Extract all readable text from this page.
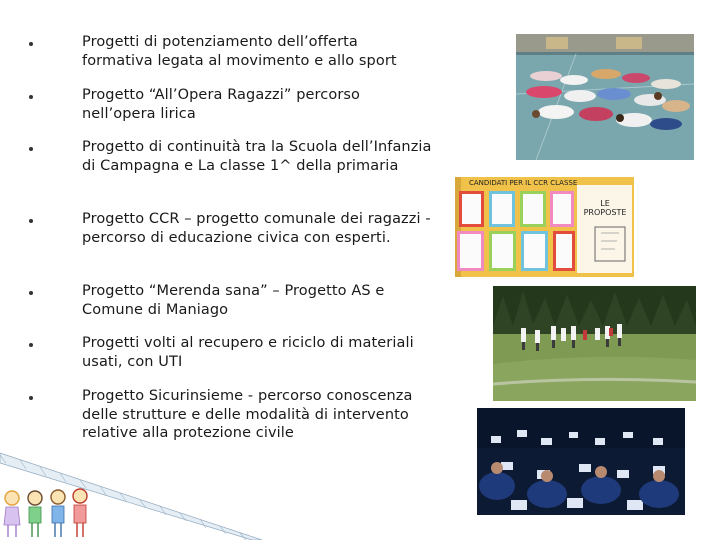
Progetti di potenziamento dell’offerta formativa legata al movimento e allo sport
Progetto “All’Opera Ragazzi” percorso nell’opera lirica
Progetto di continuità tra la Scuola dell’Infanzia di Campagna e La classe 1^ della primaria
Progetto CCR – progetto comunale dei ragazzi - percorso di educazione civica con esperti.
Progetto “Merenda sana” – Progetto AS e Comune di Maniago
Progetti volti al recupero e riciclo di materiali usati, con UTI
Progetto Sicurinsieme - percorso conoscenza delle strutture e delle modalità di intervento relative alla protezione civile
CANDIDATI PER IL CCR CLASSE
LE PROPOSTE
